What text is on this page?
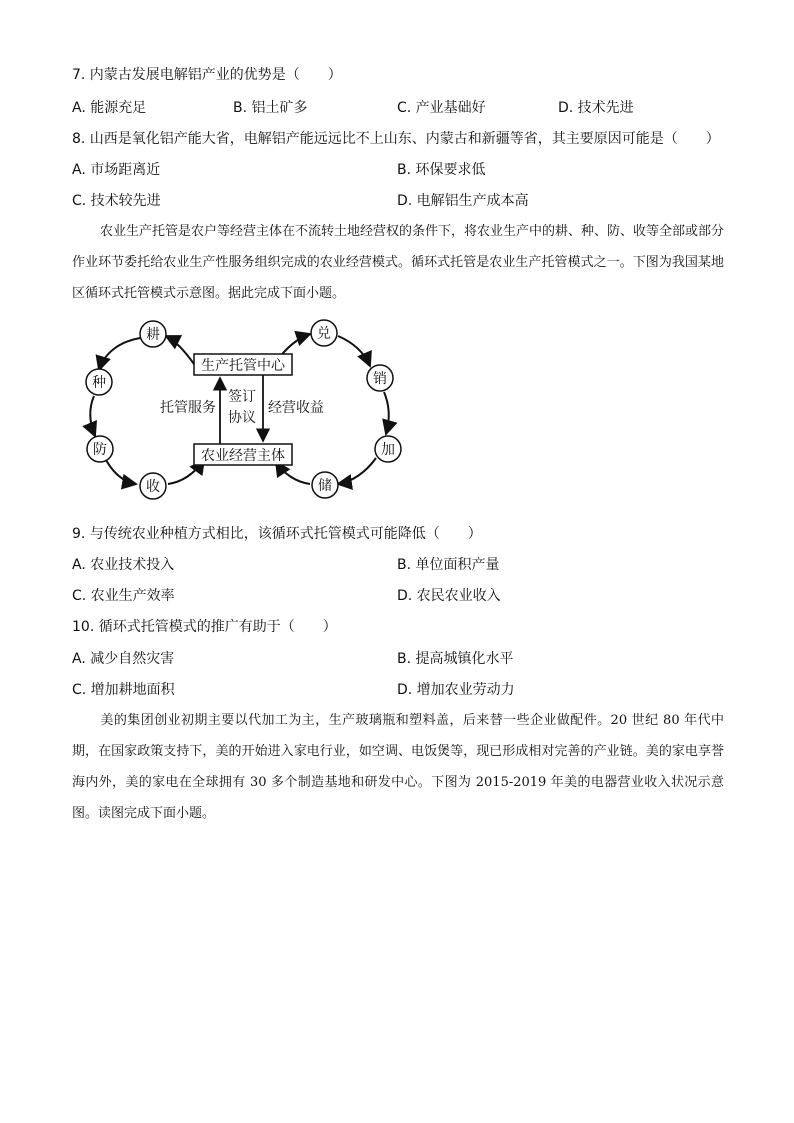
7. 内蒙古发展电解铝产业的优势是（　　）
A. 能源充足	B. 铝土矿多	C. 产业基础好	D. 技术先进
8. 山西是氧化铝产能大省，电解铝产能远远比不上山东、内蒙古和新疆等省，其主要原因可能是（　　）
A. 市场距离近	B. 环保要求低
C. 技术较先进	D. 电解铝生产成本高
农业生产托管是农户等经营主体在不流转土地经营权的条件下，将农业生产中的耕、种、防、收等全部或部分作业环节委托给农业生产性服务组织完成的农业经营模式。循环式托管是农业生产托管模式之一。下图为我国某地区循环式托管模式示意图。据此完成下面小题。
生产托管中心
农业经营主体
托管服务
签订
协议
经营收益
耕
种
防
收
兑
销
加
储
9. 与传统农业种植方式相比，该循环式托管模式可能降低（　　）
A. 农业技术投入	B. 单位面积产量
C. 农业生产效率	D. 农民农业收入
10. 循环式托管模式的推广有助于（　　）
A. 减少自然灾害	B. 提高城镇化水平
C. 增加耕地面积	D. 增加农业劳动力
美的集团创业初期主要以代加工为主，生产玻璃瓶和塑料盖，后来替一些企业做配件。20 世纪 80 年代中期，在国家政策支持下，美的开始进入家电行业，如空调、电饭煲等，现已形成相对完善的产业链。美的家电享誉海内外，美的家电在全球拥有 30 多个制造基地和研发中心。下图为 2015-2019 年美的电器营业收入状况示意图。读图完成下面小题。
